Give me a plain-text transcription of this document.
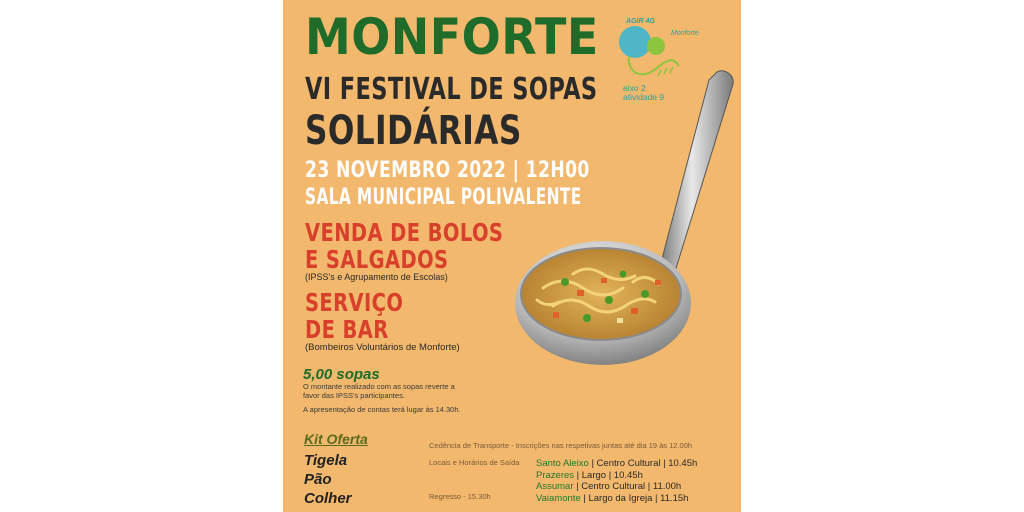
MONFORTE
VI FESTIVAL DE SOPAS
SOLIDÁRIAS
23 NOVEMBRO 2022 | 12H00
SALA MUNICIPAL POLIVALENTE
VENDA DE BOLOS
E SALGADOS
(IPSS's e Agrupamento de Escolas)
SERVIÇO
DE BAR
(Bombeiros Voluntários de Monforte)
5,00 sopas
O montante realizado com as sopas reverte a favor das IPSS's participantes.
A apresentação de contas terá lugar às 14.30h.
Kit Oferta
Tigela
Pão
Colher
Cedência de Transporte - Inscrições nas respetivas juntas até dia 19 às 12.00h
Locais e Horários de Saída
Regresso - 15.30h
Santo Aleixo | Centro Cultural | 10.45h
Prazeres | Largo | 10.45h
Assumar | Centro Cultural | 11.00h
Vaiamonte | Largo da Igreja | 11.15h
AGIR 4G
Monforte
eixo 2
atividade 9
